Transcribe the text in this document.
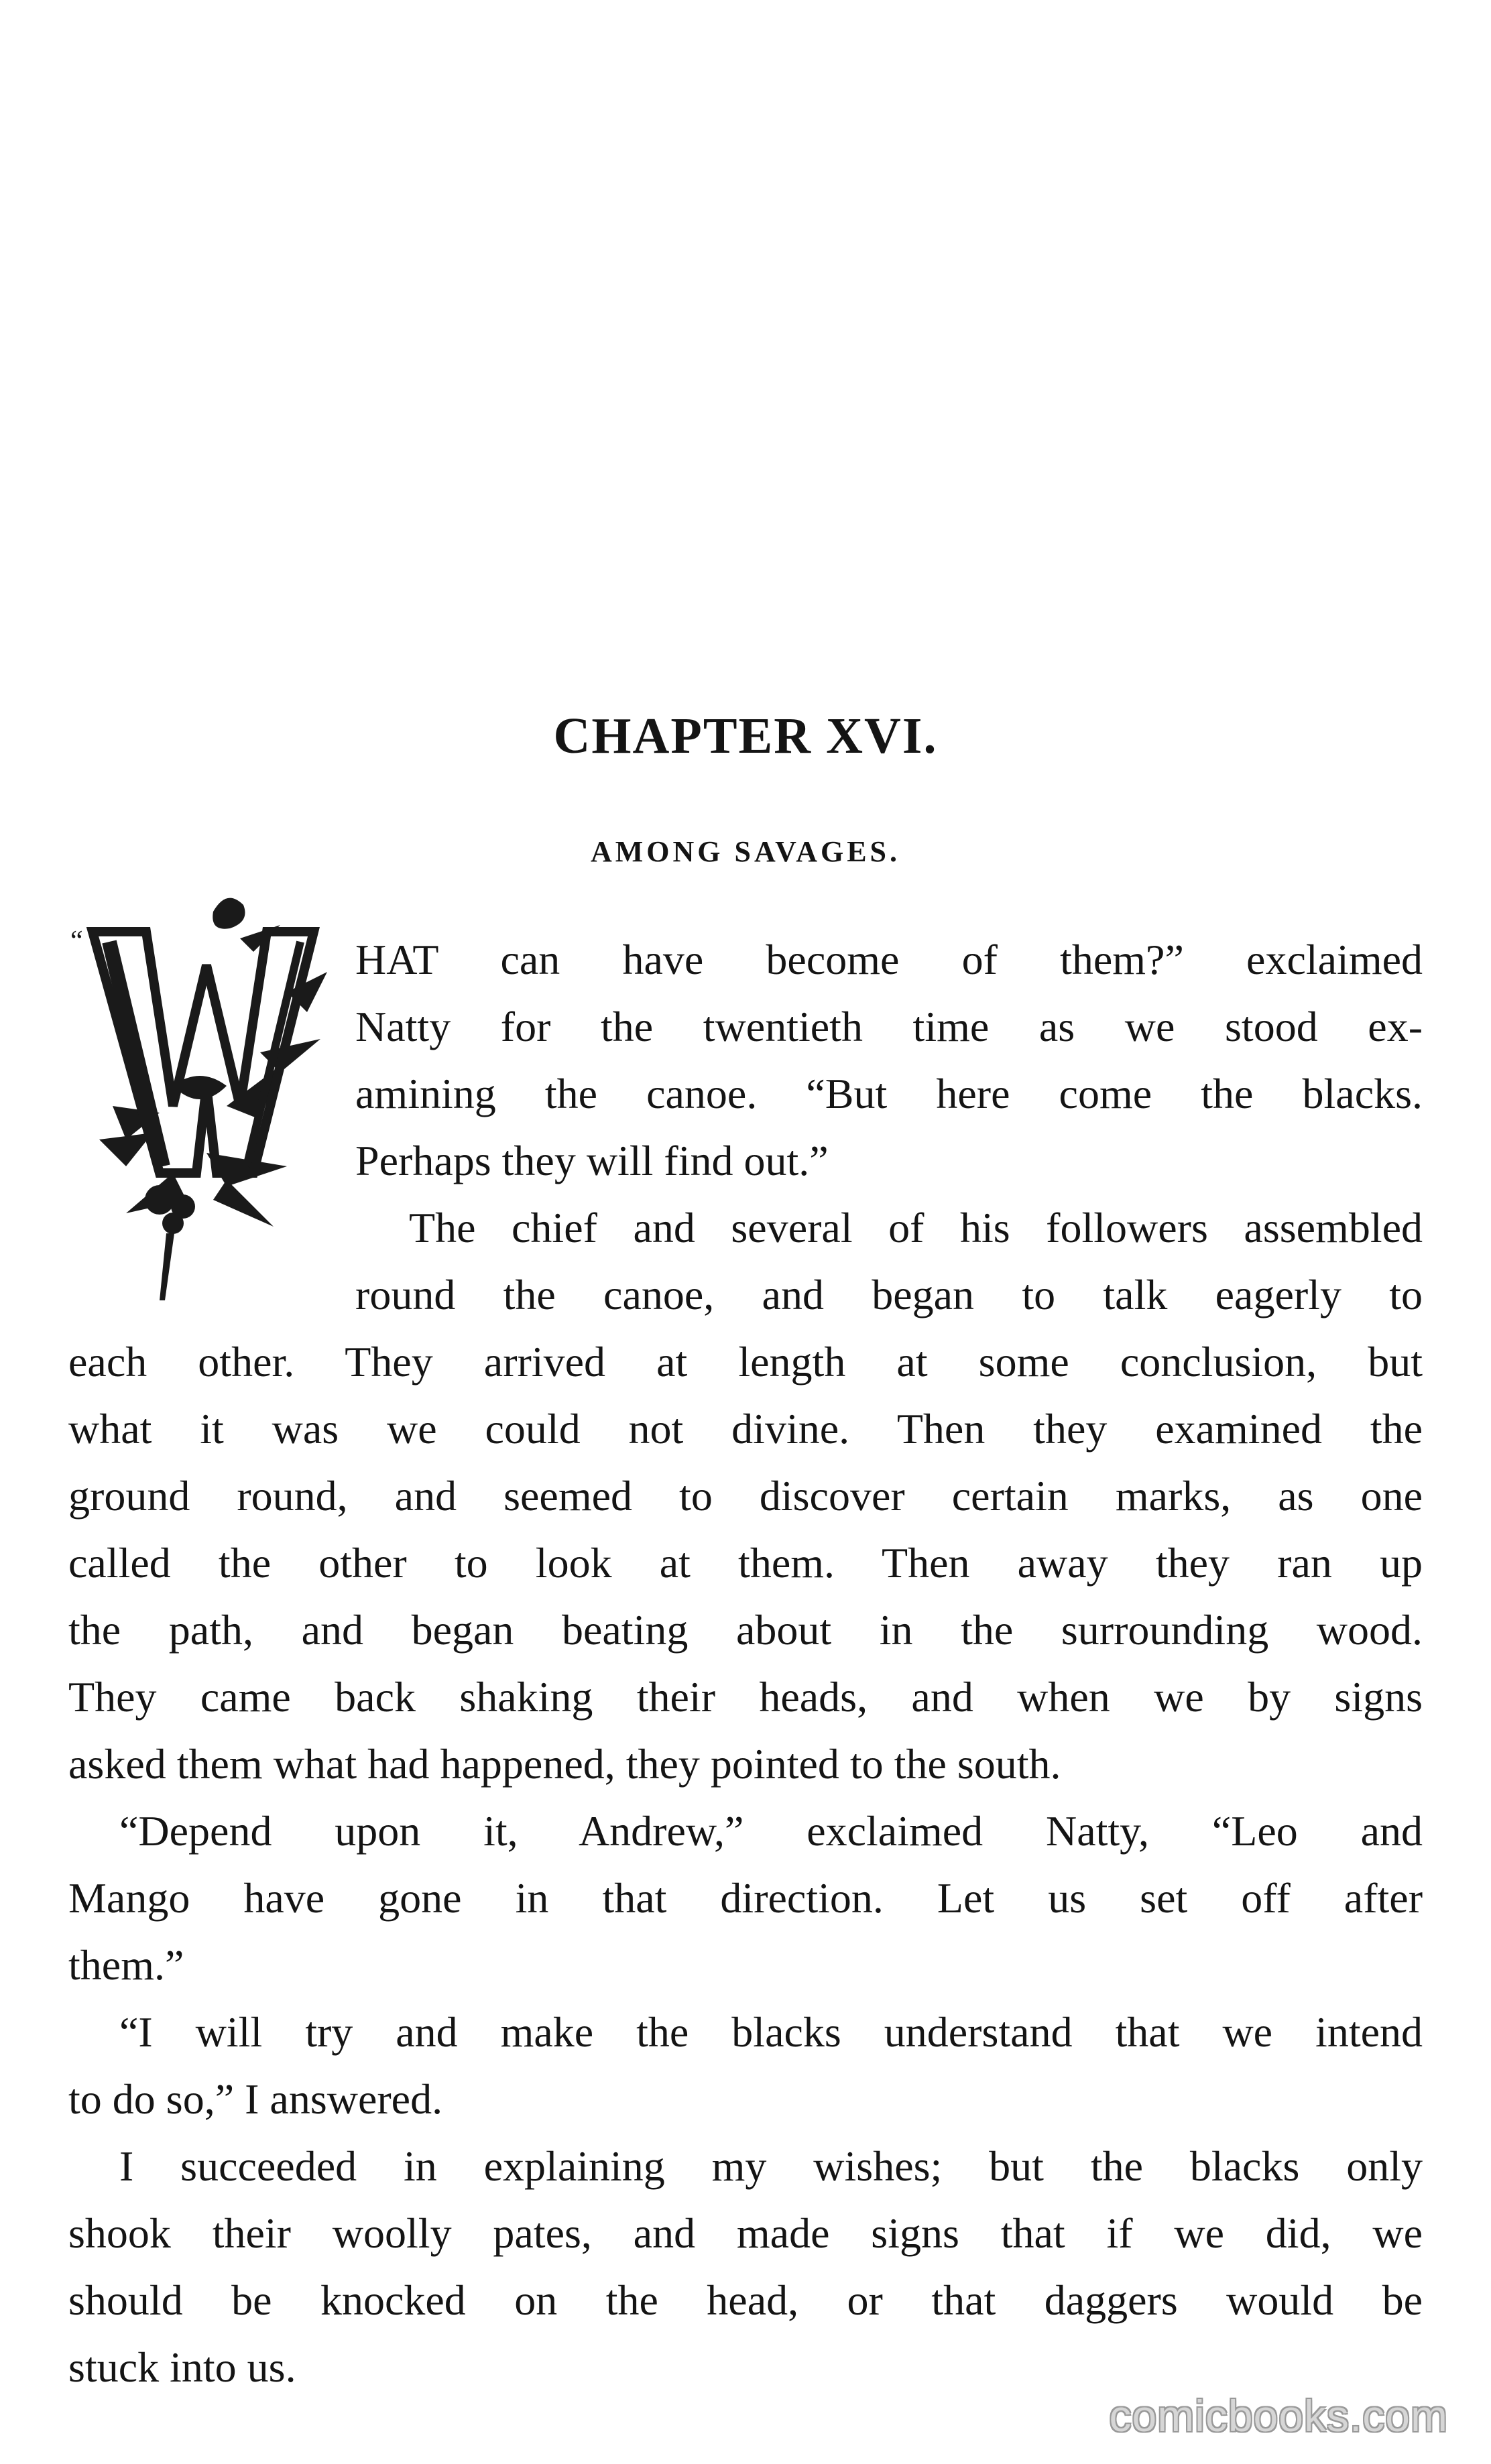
CHAPTER XVI.
AMONG SAVAGES.
“	HAT can have become of them?” exclaimed
Natty for the twentieth time as we stood ex-
amining the canoe. “But here come the blacks.
Perhaps they will find out.”
The chief and several of his followers assembled
round the canoe, and began to talk eagerly to
each other. They arrived at length at some conclusion, but
what it was we could not divine. Then they examined the
ground round, and seemed to discover certain marks, as one
called the other to look at them. Then away they ran up
the path, and began beating about in the surrounding wood.
They came back shaking their heads, and when we by signs
asked them what had happened, they pointed to the south.
“Depend upon it, Andrew,” exclaimed Natty, “Leo and
Mango have gone in that direction. Let us set off after
them.”
“I will try and make the blacks understand that we intend
to do so,” I answered.
I succeeded in explaining my wishes; but the blacks only
shook their woolly pates, and made signs that if we did, we
should be knocked on the head, or that daggers would be
stuck into us.
comicbooks.com
